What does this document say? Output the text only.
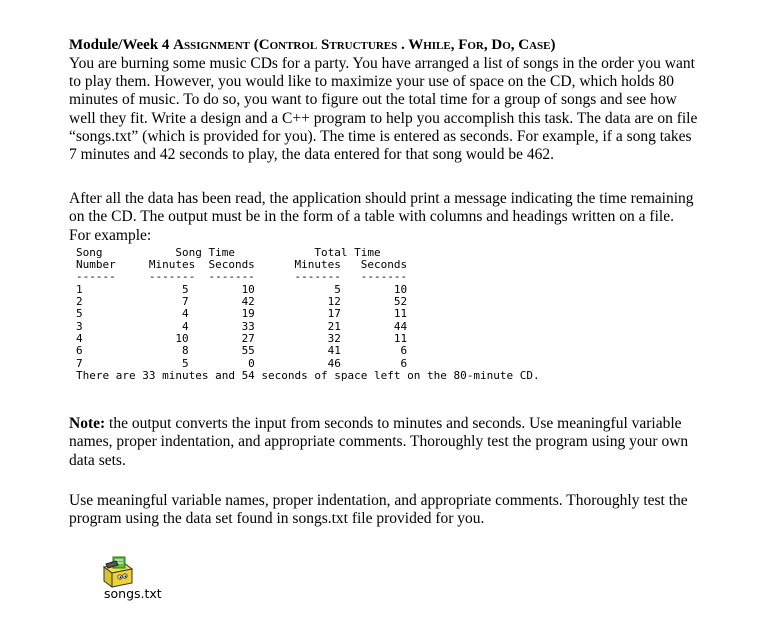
Module/Week 4 Assignment (Control Structures . While, For, Do, Case)

You are burning some music CDs for a party. You have arranged a list of songs in the order you want to play them. However, you would like to maximize your use of space on the CD, which holds 80 minutes of music. To do so, you want to figure out the total time for a group of songs and see how well they fit. Write a design and a C++ program to help you accomplish this task. The data are on file “songs.txt” (which is provided for you). The time is entered as seconds. For example, if a song takes 7 minutes and 42 seconds to play, the data entered for that song would be 462.

After all the data has been read, the application should print a message indicating the time remaining on the CD. The output must be in the form of a table with columns and headings written on a file. For example:

Song           Song Time            Total Time
Number     Minutes  Seconds      Minutes   Seconds
------     -------  -------      -------   -------
1               5        10            5        10
2               7        42           12        52
5               4        19           17        11
3               4        33           21        44
4              10        27           32        11
6               8        55           41         6
7               5         0           46         6
There are 33 minutes and 54 seconds of space left on the 80-minute CD.

Note: the output converts the input from seconds to minutes and seconds. Use meaningful variable names, proper indentation, and appropriate comments. Thoroughly test the program using your own data sets.

Use meaningful variable names, proper indentation, and appropriate comments. Thoroughly test the program using the data set found in songs.txt file provided for you.

songs.txt
